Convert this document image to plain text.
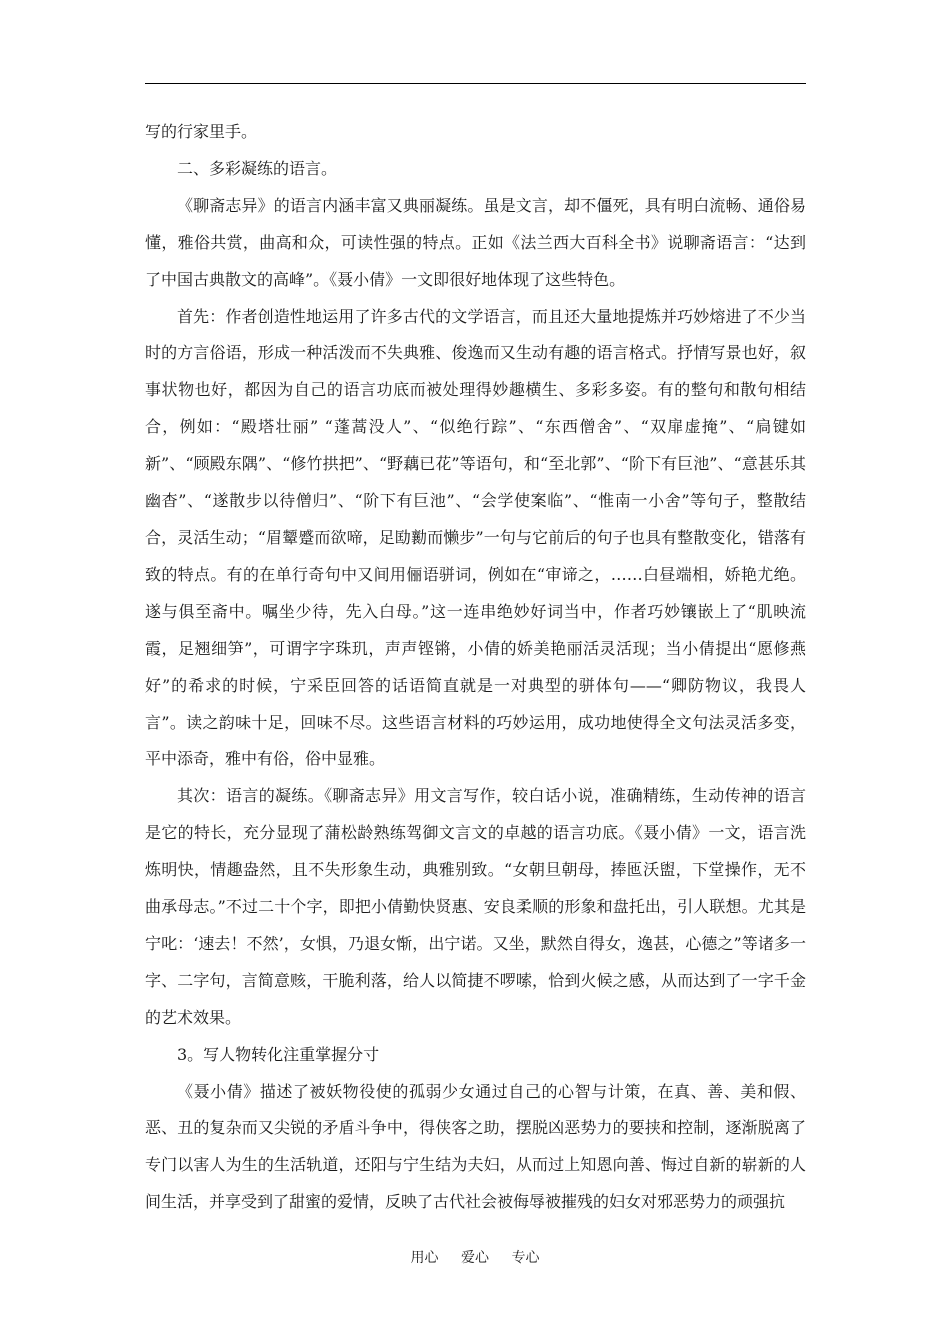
写的行家里手。

二、多彩凝练的语言。

《聊斋志异》的语言内涵丰富又典丽凝练。虽是文言，却不僵死，具有明白流畅、通俗易懂，雅俗共赏，曲高和众，可读性强的特点。正如《法兰西大百科全书》说聊斋语言：“达到了中国古典散文的高峰”。《聂小倩》一文即很好地体现了这些特色。

首先：作者创造性地运用了许多古代的文学语言，而且还大量地提炼并巧妙熔进了不少当时的方言俗语，形成一种活泼而不失典雅、俊逸而又生动有趣的语言格式。抒情写景也好，叙事状物也好，都因为自己的语言功底而被处理得妙趣横生、多彩多姿。有的整句和散句相结合，例如：“殿塔壮丽” “蓬蒿没人”、“似绝行踪”、“东西僧舍”、“双扉虚掩”、“扃键如新”、“顾殿东隅”、“修竹拱把”、“野藕已花”等语句，和“至北郭”、“阶下有巨池”、“意甚乐其幽杳”、“遂散步以待僧归”、“阶下有巨池”、“会学使案临”、“惟南一小舍”等句子，整散结合，灵活生动；“眉颦蹙而欲啼，足劻勷而懒步”一句与它前后的句子也具有整散变化，错落有致的特点。有的在单行奇句中又间用俪语骈词，例如在“审谛之，……白昼端相，娇艳尤绝。遂与俱至斋中。嘱坐少待，先入白母。”这一连串绝妙好词当中，作者巧妙镶嵌上了“肌映流霞，足翘细笋”，可谓字字珠玑，声声铿锵，小倩的娇美艳丽活灵活现；当小倩提出“愿修燕好”的希求的时候，宁采臣回答的话语简直就是一对典型的骈体句——“卿防物议，我畏人言”。读之韵味十足，回味不尽。这些语言材料的巧妙运用，成功地使得全文句法灵活多变，平中添奇，雅中有俗，俗中显雅。

其次：语言的凝练。《聊斋志异》用文言写作，较白话小说，准确精练，生动传神的语言是它的特长，充分显现了蒲松龄熟练驾御文言文的卓越的语言功底。《聂小倩》一文，语言洗炼明快，情趣盎然，且不失形象生动，典雅别致。“女朝旦朝母，捧匜沃盥，下堂操作，无不曲承母志。”不过二十个字，即把小倩勤快贤惠、安良柔顺的形象和盘托出，引人联想。尤其是宁叱：‘速去！不然’，女惧，乃退女惭，出宁诺。又坐，默然自得女，逸甚，心德之”等诸多一字、二字句，言简意赅，干脆利落，给人以简捷不啰嗦，恰到火候之感，从而达到了一字千金的艺术效果。

3。写人物转化注重掌握分寸

《聂小倩》描述了被妖物役使的孤弱少女通过自己的心智与计策，在真、善、美和假、恶、丑的复杂而又尖锐的矛盾斗争中，得侠客之助，摆脱凶恶势力的要挟和控制，逐渐脱离了专门以害人为生的生活轨道，还阳与宁生结为夫妇，从而过上知恩向善、悔过自新的崭新的人间生活，并享受到了甜蜜的爱情，反映了古代社会被侮辱被摧残的妇女对邪恶势力的顽强抗

用心 爱心 专心
